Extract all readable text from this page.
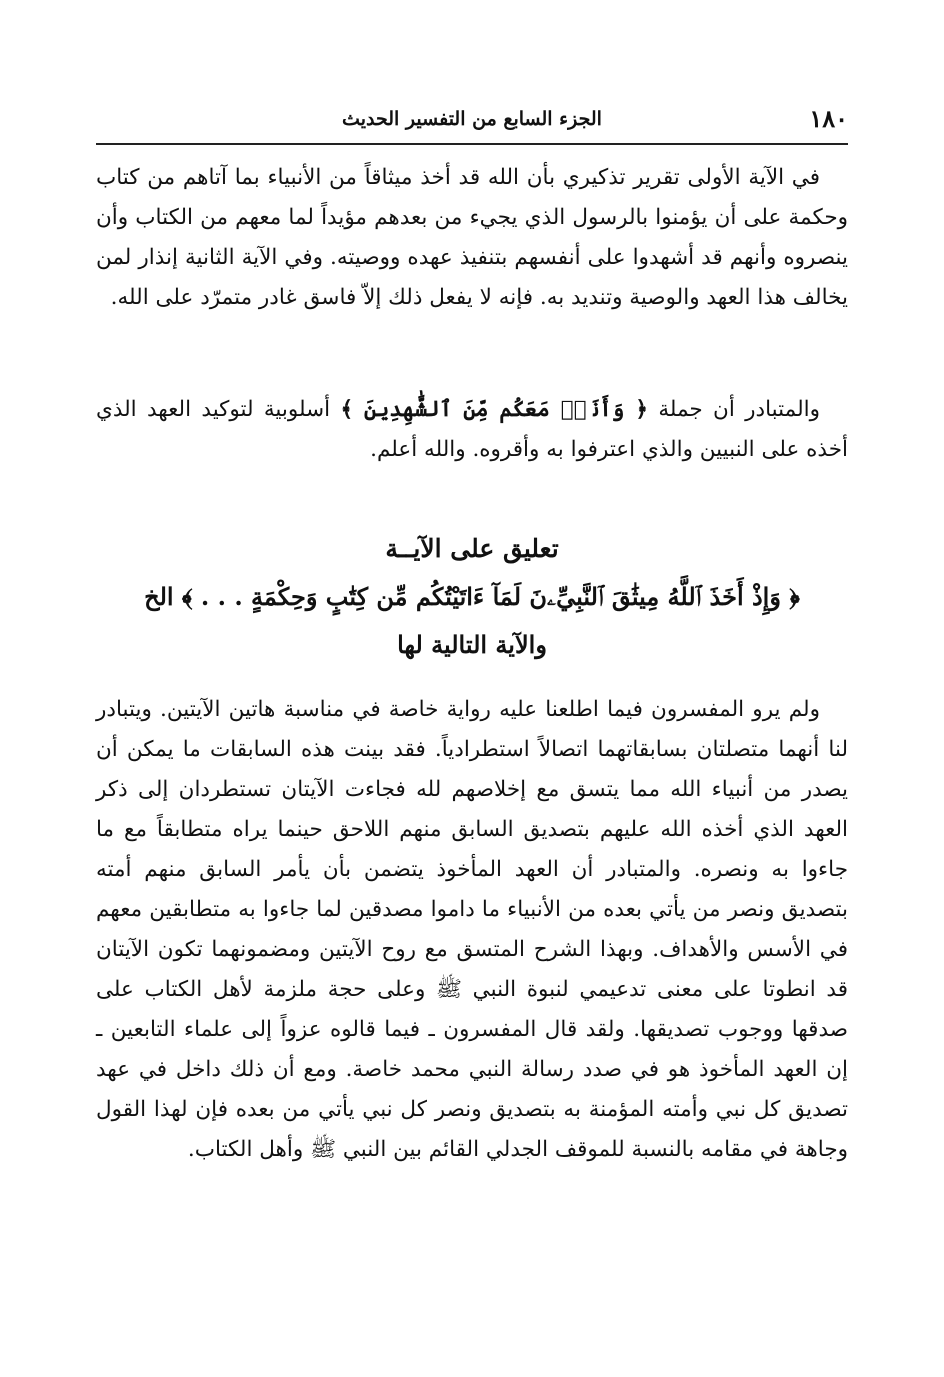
١٨٠
الجزء السابع من التفسير الحديث

في الآية الأولى تقرير تذكيري بأن الله قد أخذ ميثاقاً من الأنبياء بما آتاهم من كتاب وحكمة على أن يؤمنوا بالرسول الذي يجيء من بعدهم مؤيداً لما معهم من الكتاب وأن ينصروه وأنهم قد أشهدوا على أنفسهم بتنفيذ عهده ووصيته. وفي الآية الثانية إنذار لمن يخالف هذا العهد والوصية وتنديد به. فإنه لا يفعل ذلك إلاّ فاسق غادر متمرّد على الله.

والمتبادر أن جملة ﴿ وَأَنَا۠ مَعَكُم مِّنَ ٱلشَّٰهِدِينَ ﴾ أسلوبية لتوكيد العهد الذي أخذه على النبيين والذي اعترفوا به وأقروه. والله أعلم.

تعليق على الآيــة
﴿ وَإِذْ أَخَذَ ٱللَّهُ مِيثَٰقَ ٱلنَّبِيِّۦنَ لَمَآ ءَاتَيْتُكُم مِّن كِتَٰبٍ وَحِكْمَةٍ . . . ﴾ الخ
والآية التالية لها

ولم يرو المفسرون فيما اطلعنا عليه رواية خاصة في مناسبة هاتين الآيتين. ويتبادر لنا أنهما متصلتان بسابقاتهما اتصالاً استطرادياً. فقد بينت هذه السابقات ما يمكن أن يصدر من أنبياء الله مما يتسق مع إخلاصهم لله فجاءت الآيتان تستطردان إلى ذكر العهد الذي أخذه الله عليهم بتصديق السابق منهم اللاحق حينما يراه متطابقاً مع ما جاءوا به ونصره. والمتبادر أن العهد المأخوذ يتضمن بأن يأمر السابق منهم أمته بتصديق ونصر من يأتي بعده من الأنبياء ما داموا مصدقين لما جاءوا به متطابقين معهم في الأسس والأهداف. وبهذا الشرح المتسق مع روح الآيتين ومضمونهما تكون الآيتان قد انطوتا على معنى تدعيمي لنبوة النبي ﷺ وعلى حجة ملزمة لأهل الكتاب على صدقها ووجوب تصديقها. ولقد قال المفسرون ـ فيما قالوه عزواً إلى علماء التابعين ـ إن العهد المأخوذ هو في صدد رسالة النبي محمد خاصة. ومع أن ذلك داخل في عهد تصديق كل نبي وأمته المؤمنة به بتصديق ونصر كل نبي يأتي من بعده فإن لهذا القول وجاهة في مقامه بالنسبة للموقف الجدلي القائم بين النبي ﷺ وأهل الكتاب.
